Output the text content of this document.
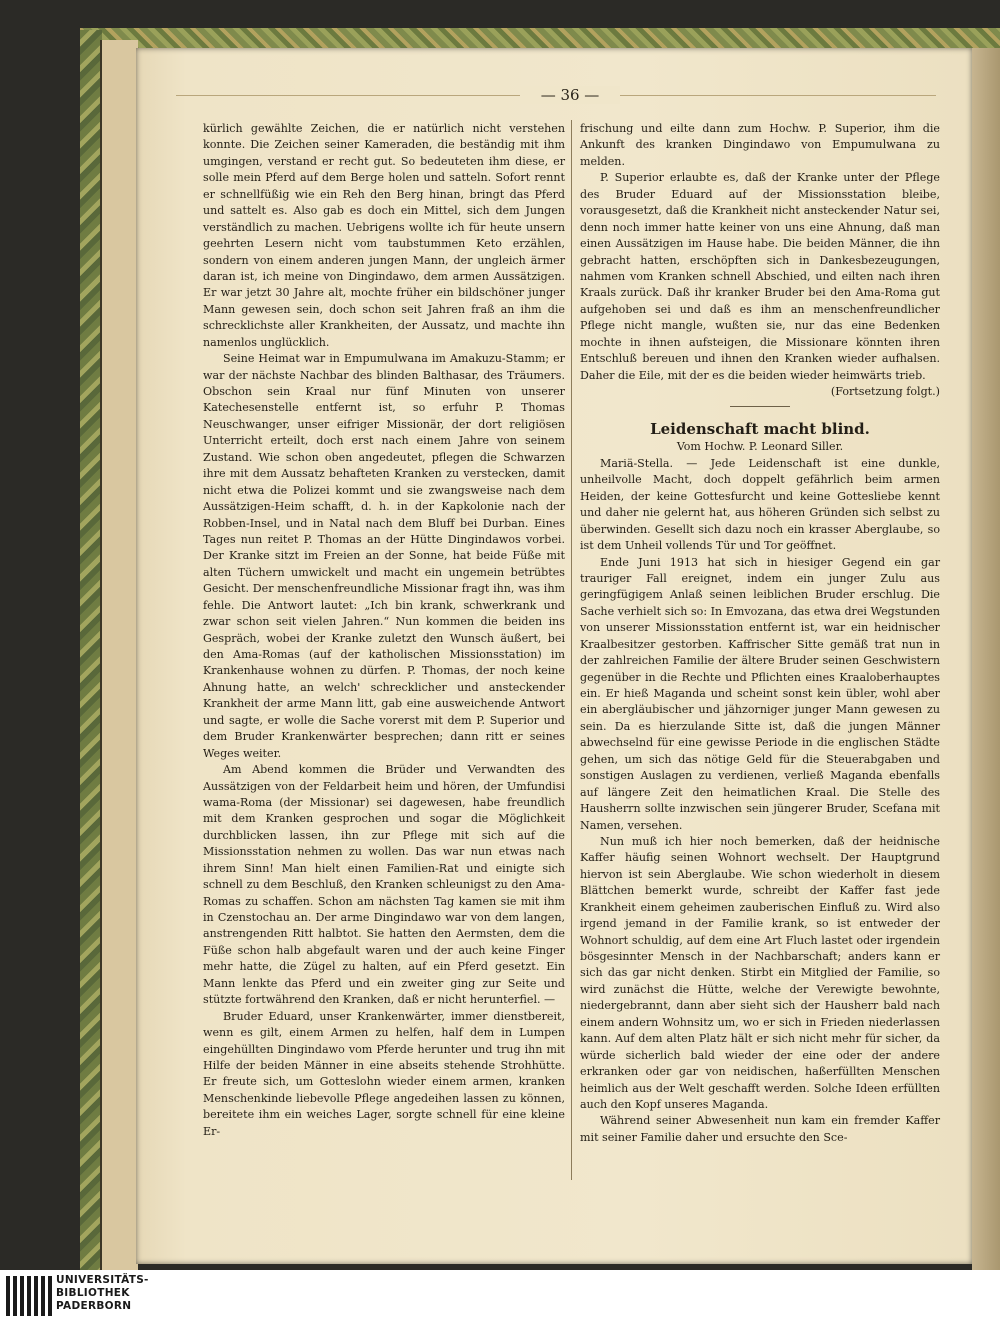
— 36 —

kürlich gewählte Zeichen, die er natürlich nicht verstehen konnte. Die Zeichen seiner Kameraden, die beständig mit ihm umgingen, verstand er recht gut. So bedeuteten ihm diese, er solle mein Pferd auf dem Berge holen und satteln. Sofort rennt er schnellfüßig wie ein Reh den Berg hinan, bringt das Pferd und sattelt es. Also gab es doch ein Mittel, sich dem Jungen verständlich zu machen. Uebrigens wollte ich für heute unsern geehrten Lesern nicht vom taubstummen Keto erzählen, sondern von einem anderen jungen Mann, der ungleich ärmer daran ist, ich meine von Dingindawo, dem armen Aussätzigen. Er war jetzt 30 Jahre alt, mochte früher ein bildschöner junger Mann gewesen sein, doch schon seit Jahren fraß an ihm die schrecklichste aller Krankheiten, der Aussatz, und machte ihn namenlos unglücklich.

Seine Heimat war in Empumulwana im Amakuzu-Stamm; er war der nächste Nachbar des blinden Balthasar, des Träumers. Obschon sein Kraal nur fünf Minuten von unserer Katechesenstelle entfernt ist, so erfuhr P. Thomas Neuschwanger, unser eifriger Missionär, der dort religiösen Unterricht erteilt, doch erst nach einem Jahre von seinem Zustand. Wie schon oben angedeutet, pflegen die Schwarzen ihre mit dem Aussatz behafteten Kranken zu verstecken, damit nicht etwa die Polizei kommt und sie zwangsweise nach dem Aussätzigen-Heim schafft, d. h. in der Kapkolonie nach der Robben-Insel, und in Natal nach dem Bluff bei Durban. Eines Tages nun reitet P. Thomas an der Hütte Dingindawos vorbei. Der Kranke sitzt im Freien an der Sonne, hat beide Füße mit alten Tüchern umwickelt und macht ein ungemein betrübtes Gesicht. Der menschenfreundliche Missionar fragt ihn, was ihm fehle. Die Antwort lautet: „Ich bin krank, schwerkrank und zwar schon seit vielen Jahren.“ Nun kommen die beiden ins Gespräch, wobei der Kranke zuletzt den Wunsch äußert, bei den Ama-Romas (auf der katholischen Missionsstation) im Krankenhause wohnen zu dürfen. P. Thomas, der noch keine Ahnung hatte, an welch' schrecklicher und ansteckender Krankheit der arme Mann litt, gab eine ausweichende Antwort und sagte, er wolle die Sache vorerst mit dem P. Superior und dem Bruder Krankenwärter besprechen; dann ritt er seines Weges weiter.

Am Abend kommen die Brüder und Verwandten des Aussätzigen von der Feldarbeit heim und hören, der Umfundisi wama-Roma (der Missionar) sei dagewesen, habe freundlich mit dem Kranken gesprochen und sogar die Möglichkeit durchblicken lassen, ihn zur Pflege mit sich auf die Missionsstation nehmen zu wollen. Das war nun etwas nach ihrem Sinn! Man hielt einen Familien-Rat und einigte sich schnell zu dem Beschluß, den Kranken schleunigst zu den Ama-Romas zu schaffen. Schon am nächsten Tag kamen sie mit ihm in Czenstochau an. Der arme Dingindawo war von dem langen, anstrengenden Ritt halbtot. Sie hatten den Aermsten, dem die Füße schon halb abgefault waren und der auch keine Finger mehr hatte, die Zügel zu halten, auf ein Pferd gesetzt. Ein Mann lenkte das Pferd und ein zweiter ging zur Seite und stützte fortwährend den Kranken, daß er nicht herunterfiel. —

Bruder Eduard, unser Krankenwärter, immer dienstbereit, wenn es gilt, einem Armen zu helfen, half dem in Lumpen eingehüllten Dingindawo vom Pferde herunter und trug ihn mit Hilfe der beiden Männer in eine abseits stehende Strohhütte. Er freute sich, um Gotteslohn wieder einem armen, kranken Menschenkinde liebevolle Pflege angedeihen lassen zu können, bereitete ihm ein weiches Lager, sorgte schnell für eine kleine Er-

frischung und eilte dann zum Hochw. P. Superior, ihm die Ankunft des kranken Dingindawo von Empumulwana zu melden.

P. Superior erlaubte es, daß der Kranke unter der Pflege des Bruder Eduard auf der Missionsstation bleibe, vorausgesetzt, daß die Krankheit nicht ansteckender Natur sei, denn noch immer hatte keiner von uns eine Ahnung, daß man einen Aussätzigen im Hause habe. Die beiden Männer, die ihn gebracht hatten, erschöpften sich in Dankesbezeugungen, nahmen vom Kranken schnell Abschied, und eilten nach ihren Kraals zurück. Daß ihr kranker Bruder bei den Ama-Roma gut aufgehoben sei und daß es ihm an menschenfreundlicher Pflege nicht mangle, wußten sie, nur das eine Bedenken mochte in ihnen aufsteigen, die Missionare könnten ihren Entschluß bereuen und ihnen den Kranken wieder aufhalsen. Daher die Eile, mit der es die beiden wieder heimwärts trieb.

(Fortsetzung folgt.)

Leidenschaft macht blind.

Vom Hochw. P. Leonard Siller.

Mariä-Stella. — Jede Leidenschaft ist eine dunkle, unheilvolle Macht, doch doppelt gefährlich beim armen Heiden, der keine Gottesfurcht und keine Gottesliebe kennt und daher nie gelernt hat, aus höheren Gründen sich selbst zu überwinden. Gesellt sich dazu noch ein krasser Aberglaube, so ist dem Unheil vollends Tür und Tor geöffnet.

Ende Juni 1913 hat sich in hiesiger Gegend ein gar trauriger Fall ereignet, indem ein junger Zulu aus geringfügigem Anlaß seinen leiblichen Bruder erschlug. Die Sache verhielt sich so: In Emvozana, das etwa drei Wegstunden von unserer Missionsstation entfernt ist, war ein heidnischer Kraalbesitzer gestorben. Kaffrischer Sitte gemäß trat nun in der zahlreichen Familie der ältere Bruder seinen Geschwistern gegenüber in die Rechte und Pflichten eines Kraaloberhauptes ein. Er hieß Maganda und scheint sonst kein übler, wohl aber ein abergläubischer und jähzorniger junger Mann gewesen zu sein. Da es hierzulande Sitte ist, daß die jungen Männer abwechselnd für eine gewisse Periode in die englischen Städte gehen, um sich das nötige Geld für die Steuerabgaben und sonstigen Auslagen zu verdienen, verließ Maganda ebenfalls auf längere Zeit den heimatlichen Kraal. Die Stelle des Hausherrn sollte inzwischen sein jüngerer Bruder, Scefana mit Namen, versehen.

Nun muß ich hier noch bemerken, daß der heidnische Kaffer häufig seinen Wohnort wechselt. Der Hauptgrund hiervon ist sein Aberglaube. Wie schon wiederholt in diesem Blättchen bemerkt wurde, schreibt der Kaffer fast jede Krankheit einem geheimen zauberischen Einfluß zu. Wird also irgend jemand in der Familie krank, so ist entweder der Wohnort schuldig, auf dem eine Art Fluch lastet oder irgendein bösgesinnter Mensch in der Nachbarschaft; anders kann er sich das gar nicht denken. Stirbt ein Mitglied der Familie, so wird zunächst die Hütte, welche der Verewigte bewohnte, niedergebrannt, dann aber sieht sich der Hausherr bald nach einem andern Wohnsitz um, wo er sich in Frieden niederlassen kann. Auf dem alten Platz hält er sich nicht mehr für sicher, da würde sicherlich bald wieder der eine oder der andere erkranken oder gar von neidischen, haßerfüllten Menschen heimlich aus der Welt geschafft werden. Solche Ideen erfüllten auch den Kopf unseres Maganda.

Während seiner Abwesenheit nun kam ein fremder Kaffer mit seiner Familie daher und ersuchte den Sce-

UNIVERSITÄTS-
BIBLIOTHEK
PADERBORN
